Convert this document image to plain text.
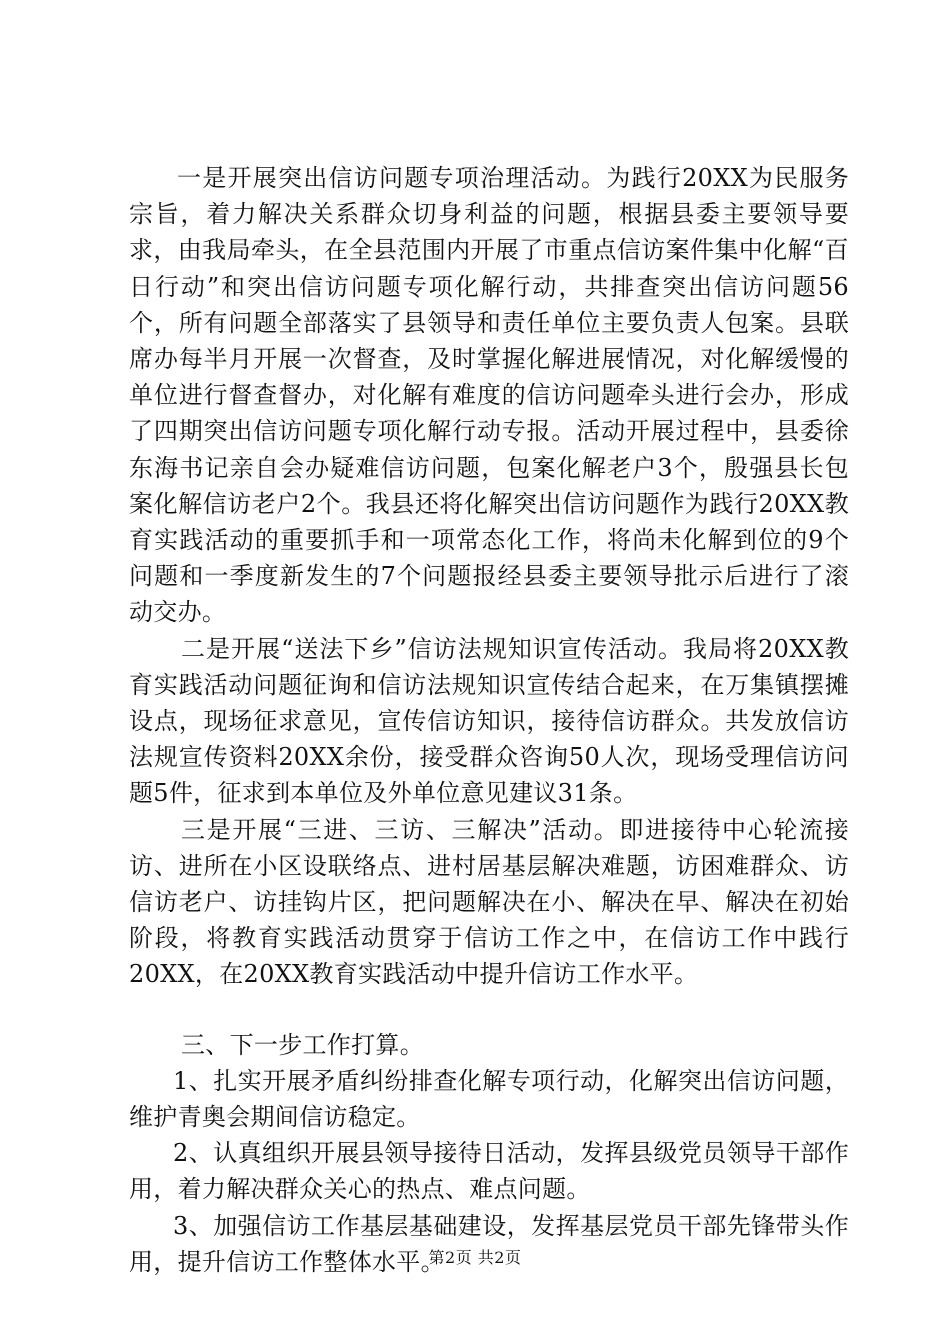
一是开展突出信访问题专项治理活动。为践行20XX为民服务宗旨，着力解决关系群众切身利益的问题，根据县委主要领导要求，由我局牵头，在全县范围内开展了市重点信访案件集中化解“百日行动”和突出信访问题专项化解行动，共排查突出信访问题56个，所有问题全部落实了县领导和责任单位主要负责人包案。县联席办每半月开展一次督查，及时掌握化解进展情况，对化解缓慢的单位进行督查督办，对化解有难度的信访问题牵头进行会办，形成了四期突出信访问题专项化解行动专报。活动开展过程中，县委徐东海书记亲自会办疑难信访问题，包案化解老户3个，殷强县长包案化解信访老户2个。我县还将化解突出信访问题作为践行20XX教育实践活动的重要抓手和一项常态化工作，将尚未化解到位的9个问题和一季度新发生的7个问题报经县委主要领导批示后进行了滚动交办。

二是开展“送法下乡”信访法规知识宣传活动。我局将20XX教育实践活动问题征询和信访法规知识宣传结合起来，在万集镇摆摊设点，现场征求意见，宣传信访知识，接待信访群众。共发放信访法规宣传资料20XX余份，接受群众咨询50人次，现场受理信访问题5件，征求到本单位及外单位意见建议31条。

三是开展“三进、三访、三解决”活动。即进接待中心轮流接访、进所在小区设联络点、进村居基层解决难题，访困难群众、访信访老户、访挂钩片区，把问题解决在小、解决在早、解决在初始阶段，将教育实践活动贯穿于信访工作之中，在信访工作中践行20XX，在20XX教育实践活动中提升信访工作水平。

三、下一步工作打算。

1、扎实开展矛盾纠纷排查化解专项行动，化解突出信访问题，维护青奥会期间信访稳定。

2、认真组织开展县领导接待日活动，发挥县级党员领导干部作用，着力解决群众关心的热点、难点问题。

3、加强信访工作基层基础建设，发挥基层党员干部先锋带头作用，提升信访工作整体水平。

第2页 共2页
